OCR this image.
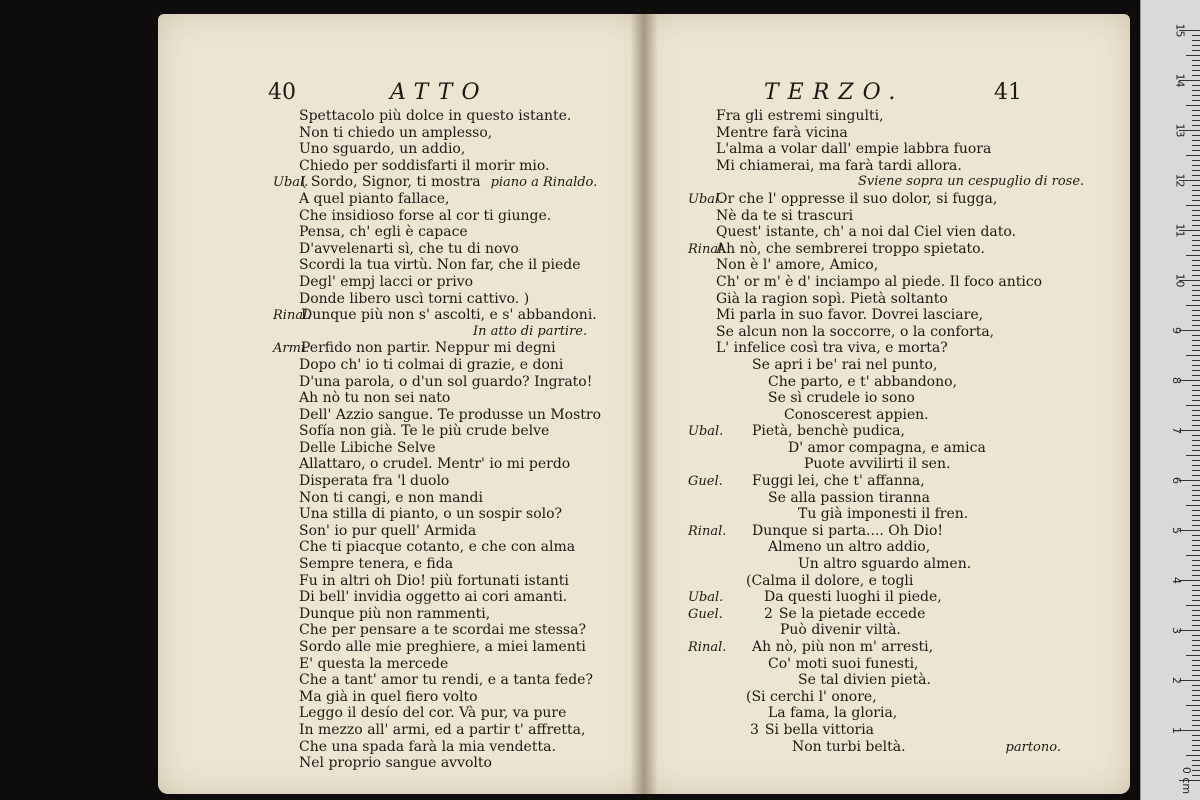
40	ATTO
Spettacolo più dolce in questo istante.
Non ti chiedo un amplesso,
Uno sguardo, un addio,
Chiedo per soddisfarti il morir mio.
Ubal.
( Sordo, Signor, ti mostra piano a Rinaldo.
A quel pianto fallace,
Che insidioso forse al cor ti giunge.
Pensa, ch' egli è capace
D'avvelenarti sì, che tu di novo
Scordi la tua virtù. Non far, che il piede
Degl' empj lacci or privo
Donde libero uscì torni cattivo. )
Rinal.
Dunque più non s' ascolti, e s' abbandoni.
In atto di partire.
Armi.
Perfido non partir. Neppur mi degni
Dopo ch' io ti colmai di grazie, e doni
D'una parola, o d'un sol guardo? Ingrato!
Ah nò tu non sei nato
Dell' Azzio sangue. Te produsse un Mostro
Sofía non già. Te le più crude belve
Delle Libiche Selve
Allattaro, o crudel. Mentr' io mi perdo
Disperata fra 'l duolo
Non ti cangi, e non mandi
Una stilla di pianto, o un sospir solo?
Son' io pur quell' Armida
Che ti piacque cotanto, e che con alma
Sempre tenera, e fida
Fu in altri oh Dio! più fortunati istanti
Di bell' invidia oggetto ai cori amanti.
Dunque più non rammenti,
Che per pensare a te scordai me stessa?
Sordo alle mie preghiere, a miei lamenti
E' questa la mercede
Che a tant' amor tu rendi, e a tanta fede?
Ma già in quel fiero volto
Leggo il desío del cor. Và pur, va pure
In mezzo all' armi, ed a partir t' affretta,
Che una spada farà la mia vendetta.
Nel proprio sangue avvolto
TERZO.	41
Fra gli estremi singulti,
Mentre farà vicina
L'alma a volar dall' empie labbra fuora
Mi chiamerai, ma farà tardi allora.
Sviene sopra un cespuglio di rose.
Ubal.
Or che l' oppresse il suo dolor, si fugga,
Nè da te si trascuri
Quest' istante, ch' a noi dal Ciel vien dato.
Rinal.
Ah nò, che sembrerei troppo spietato.
Non è l' amore, Amico,
Ch' or m' è d' inciampo al piede. Il foco antico
Già la ragion sopì. Pietà soltanto
Mi parla in suo favor. Dovrei lasciare,
Se alcun non la soccorre, o la conforta,
L' infelice così tra viva, e morta?
Se apri i be' rai nel punto,
Che parto, e t' abbandono,
Se sì crudele io sono
Conoscerest appien.
Ubal.	Pietà, benchè pudica,
D' amor compagna, e amica
Puote avvilirti il sen.
Guel.	Fuggi lei, che t' affanna,
Se alla passion tiranna
Tu già imponesti il fren.
Rinal.	Dunque si parta.... Oh Dio!
Almeno un altro addio,
Un altro sguardo almen.
(Calma il dolore, e togli
Ubal.	Da questi luoghi il piede,
Guel.	2 Se la pietade eccede
Può divenir viltà.
Rinal.	Ah nò, più non m' arresti,
Co' moti suoi funesti,
Se tal divien pietà.
(Si cerchi l' onore,
La fama, la gloria,
3 Si bella vittoria
Non turbi beltà.	partono.
15
14
13
12
11
10
9
8
7
6
5
4
3
2
1
0 cm
